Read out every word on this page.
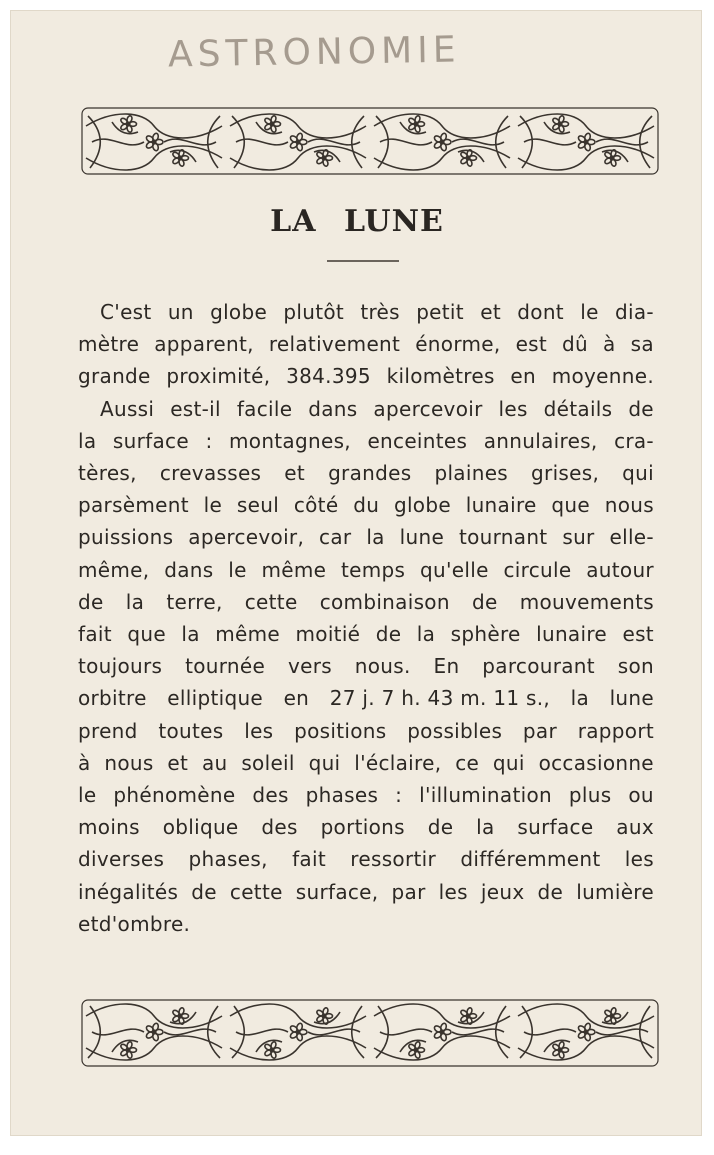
ASTRONOMIE
LA LUNE
C'est un globe plutôt très petit et dont le dia-
mètre apparent, relativement énorme, est dû à sa
grande proximité, 384.395 kilomètres en moyenne.
Aussi est-il facile dans apercevoir les détails de
la surface : montagnes, enceintes annulaires, cra-
tères, crevasses et grandes plaines grises, qui
parsèment le seul côté du globe lunaire que nous
puissions apercevoir, car la lune tournant sur elle-
même, dans le même temps qu'elle circule autour
de la terre, cette combinaison de mouvements
fait que la même moitié de la sphère lunaire est
toujours tournée vers nous. En parcourant son
orbitre elliptique en 27 j. 7 h. 43 m. 11 s., la lune
prend toutes les positions possibles par rapport
à nous et au soleil qui l'éclaire, ce qui occasionne
le phénomène des phases : l'illumination plus ou
moins oblique des portions de la surface aux
diverses phases, fait ressortir différemment les
inégalités de cette surface, par les jeux de lumière
et d'ombre.
